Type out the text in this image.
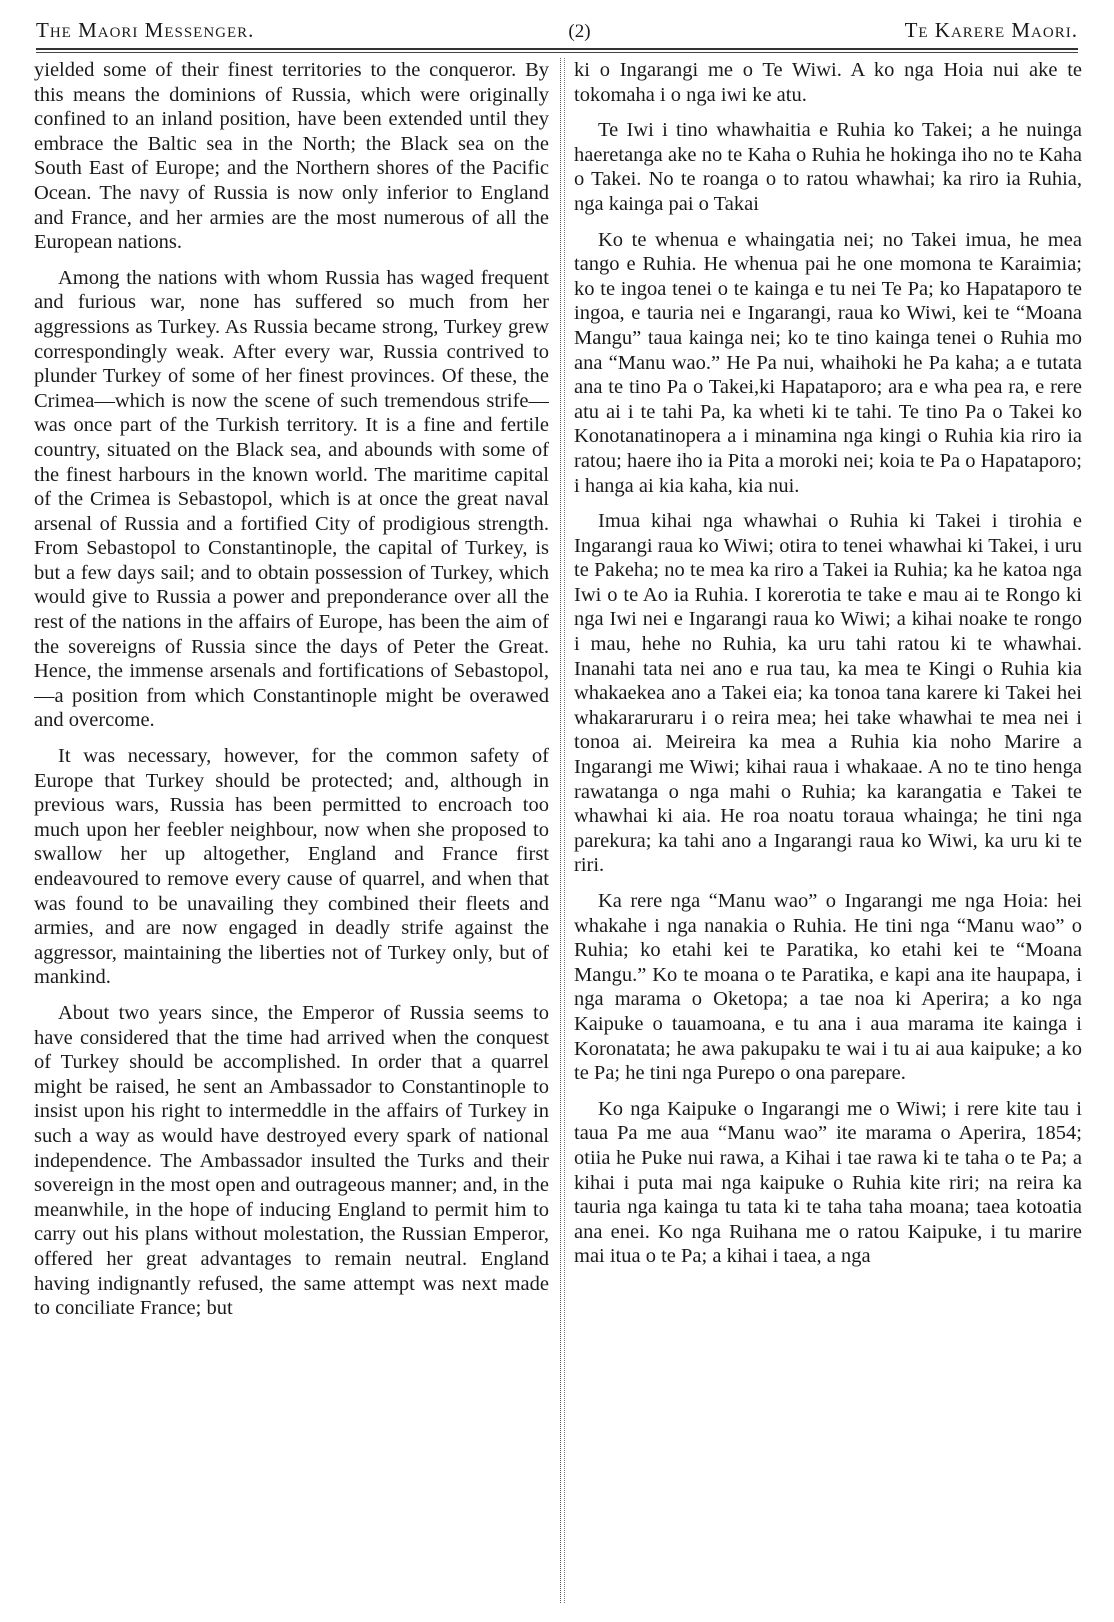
The Maori Messenger.	(2)	Te Karere Maori.

yielded some of their finest territories to the conqueror. By this means the dominions of Russia, which were originally confined to an inland position, have been extended until they embrace the Baltic sea in the North; the Black sea on the South East of Europe; and the Northern shores of the Pacific Ocean. The navy of Russia is now only inferior to England and France, and her armies are the most numerous of all the European nations.

Among the nations with whom Russia has waged frequent and furious war, none has suffered so much from her aggressions as Turkey. As Russia became strong, Turkey grew correspondingly weak. After every war, Russia contrived to plunder Turkey of some of her finest provinces. Of these, the Crimea—which is now the scene of such tremendous strife—was once part of the Turkish territory. It is a fine and fertile country, situated on the Black sea, and abounds with some of the finest harbours in the known world. The maritime capital of the Crimea is Sebastopol, which is at once the great naval arsenal of Russia and a fortified City of prodigious strength. From Sebastopol to Constantinople, the capital of Turkey, is but a few days sail; and to obtain possession of Turkey, which would give to Russia a power and preponderance over all the rest of the nations in the affairs of Europe, has been the aim of the sovereigns of Russia since the days of Peter the Great. Hence, the immense arsenals and fortifications of Sebastopol,—a position from which Constantinople might be overawed and overcome.

It was necessary, however, for the common safety of Europe that Turkey should be protected; and, although in previous wars, Russia has been permitted to encroach too much upon her feebler neighbour, now when she proposed to swallow her up altogether, England and France first endeavoured to remove every cause of quarrel, and when that was found to be unavailing they combined their fleets and armies, and are now engaged in deadly strife against the aggressor, maintaining the liberties not of Turkey only, but of mankind.

About two years since, the Emperor of Russia seems to have considered that the time had arrived when the conquest of Turkey should be accomplished. In order that a quarrel might be raised, he sent an Ambassador to Constantinople to insist upon his right to intermeddle in the affairs of Turkey in such a way as would have destroyed every spark of national independence. The Ambassador insulted the Turks and their sovereign in the most open and outrageous manner; and, in the meanwhile, in the hope of inducing England to permit him to carry out his plans without molestation, the Russian Emperor, offered her great advantages to remain neutral. England having indignantly refused, the same attempt was next made to conciliate France; but

ki o Ingarangi me o Te Wiwi. A ko nga Hoia nui ake te tokomaha i o nga iwi ke atu.

Te Iwi i tino whawhaitia e Ruhia ko Takei; a he nuinga haeretanga ake no te Kaha o Ruhia he hokinga iho no te Kaha o Takei. No te roanga o to ratou whawhai; ka riro ia Ruhia, nga kainga pai o Takai

Ko te whenua e whaingatia nei; no Takei imua, he mea tango e Ruhia. He whenua pai he one momona te Karaimia; ko te ingoa tenei o te kainga e tu nei Te Pa; ko Hapataporo te ingoa, e tauria nei e Ingarangi, raua ko Wiwi, kei te “Moana Mangu” taua kainga nei; ko te tino kainga tenei o Ruhia mo ana “Manu wao.” He Pa nui, whaihoki he Pa kaha; a e tutata ana te tino Pa o Takei,ki Hapataporo; ara e wha pea ra, e rere atu ai i te tahi Pa, ka wheti ki te tahi. Te tino Pa o Takei ko Konotanatinopera a i minamina nga kingi o Ruhia kia riro ia ratou; haere iho ia Pita a moroki nei; koia te Pa o Hapataporo; i hanga ai kia kaha, kia nui.

Imua kihai nga whawhai o Ruhia ki Takei i tirohia e Ingarangi raua ko Wiwi; otira to tenei whawhai ki Takei, i uru te Pakeha; no te mea ka riro a Takei ia Ruhia; ka he katoa nga Iwi o te Ao ia Ruhia. I korerotia te take e mau ai te Rongo ki nga Iwi nei e Ingarangi raua ko Wiwi; a kihai noake te rongo i mau, hehe no Ruhia, ka uru tahi ratou ki te whawhai. Inanahi tata nei ano e rua tau, ka mea te Kingi o Ruhia kia whakaekea ano a Takei eia; ka tonoa tana karere ki Takei hei whakararuraru i o reira mea; hei take whawhai te mea nei i tonoa ai. Meireira ka mea a Ruhia kia noho Marire a Ingarangi me Wiwi; kihai raua i whakaae. A no te tino henga rawatanga o nga mahi o Ruhia; ka karangatia e Takei te whawhai ki aia. He roa noatu toraua whainga; he tini nga parekura; ka tahi ano a Ingarangi raua ko Wiwi, ka uru ki te riri.

Ka rere nga “Manu wao” o Ingarangi me nga Hoia: hei whakahe i nga nanakia o Ruhia. He tini nga “Manu wao” o Ruhia; ko etahi kei te Paratika, ko etahi kei te “Moana Mangu.” Ko te moana o te Paratika, e kapi ana ite haupapa, i nga marama o Oketopa; a tae noa ki Aperira; a ko nga Kaipuke o tauamoana, e tu ana i aua marama ite kainga i Koronatata; he awa pakupaku te wai i tu ai aua kaipuke; a ko te Pa; he tini nga Purepo o ona parepare.

Ko nga Kaipuke o Ingarangi me o Wiwi; i rere kite tau i taua Pa me aua “Manu wao” ite marama o Aperira, 1854; otiia he Puke nui rawa, a Kihai i tae rawa ki te taha o te Pa; a kihai i puta mai nga kaipuke o Ruhia kite riri; na reira ka tauria nga kainga tu tata ki te taha taha moana; taea kotoatia ana enei. Ko nga Ruihana me o ratou Kaipuke, i tu marire mai itua o te Pa; a kihai i taea, a nga
